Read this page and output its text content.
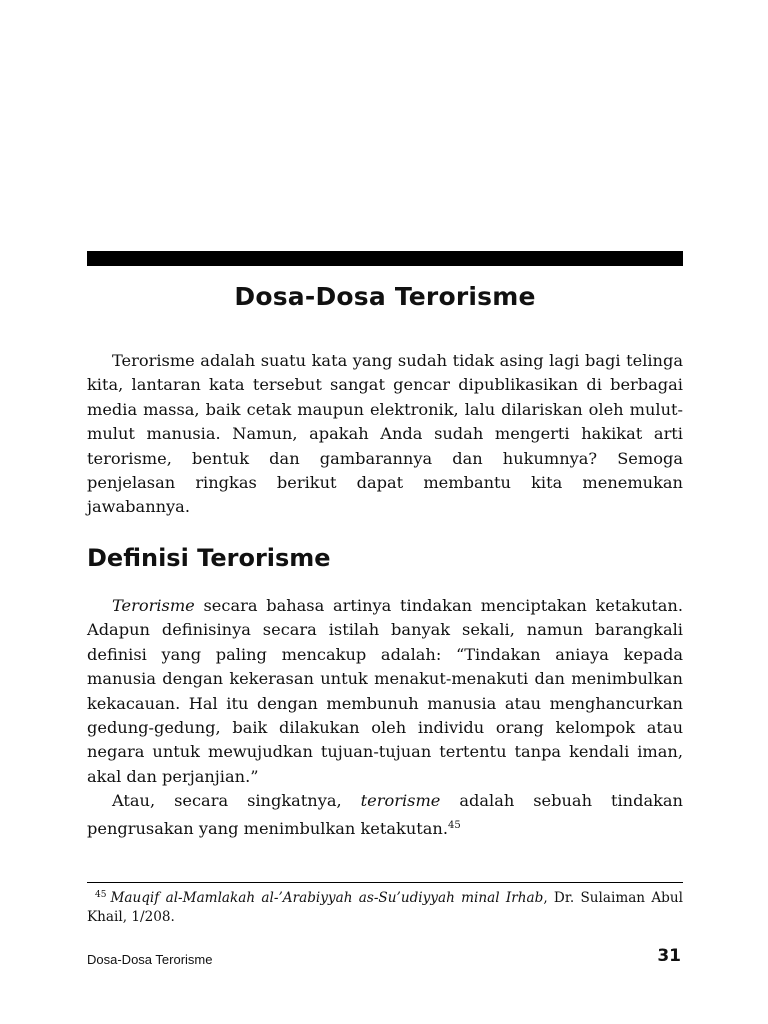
Dosa-Dosa Terorisme

Terorisme adalah suatu kata yang sudah tidak asing lagi bagi telinga kita, lantaran kata tersebut sangat gencar dipublikasikan di berbagai media massa, baik cetak maupun elektronik, lalu dilariskan oleh mulut-mulut manusia. Namun, apakah Anda sudah mengerti hakikat arti terorisme, bentuk dan gambarannya dan hukumnya? Semoga penjelasan ringkas berikut dapat membantu kita menemukan jawabannya.

Definisi Terorisme

Terorisme secara bahasa artinya tindakan menciptakan ketakutan. Adapun definisinya secara istilah banyak sekali, namun barangkali definisi yang paling mencakup adalah: “Tindakan aniaya kepada manusia dengan kekerasan untuk menakut-menakuti dan menimbulkan kekacauan. Hal itu dengan membunuh manusia atau menghancurkan gedung-gedung, baik dilakukan oleh individu orang kelompok atau negara untuk mewujudkan tujuan-tujuan tertentu tanpa kendali iman, akal dan perjanjian.”

Atau, secara singkatnya, terorisme adalah sebuah tindakan pengrusakan yang menimbulkan ketakutan.$^{45}$

$^{45}$ Mauqif al-Mamlakah al-’Arabiyyah as-Su’udiyyah minal Irhab, Dr. Sulaiman Abul Khail, 1/208.
Dosa-Dosa Terorisme	31
